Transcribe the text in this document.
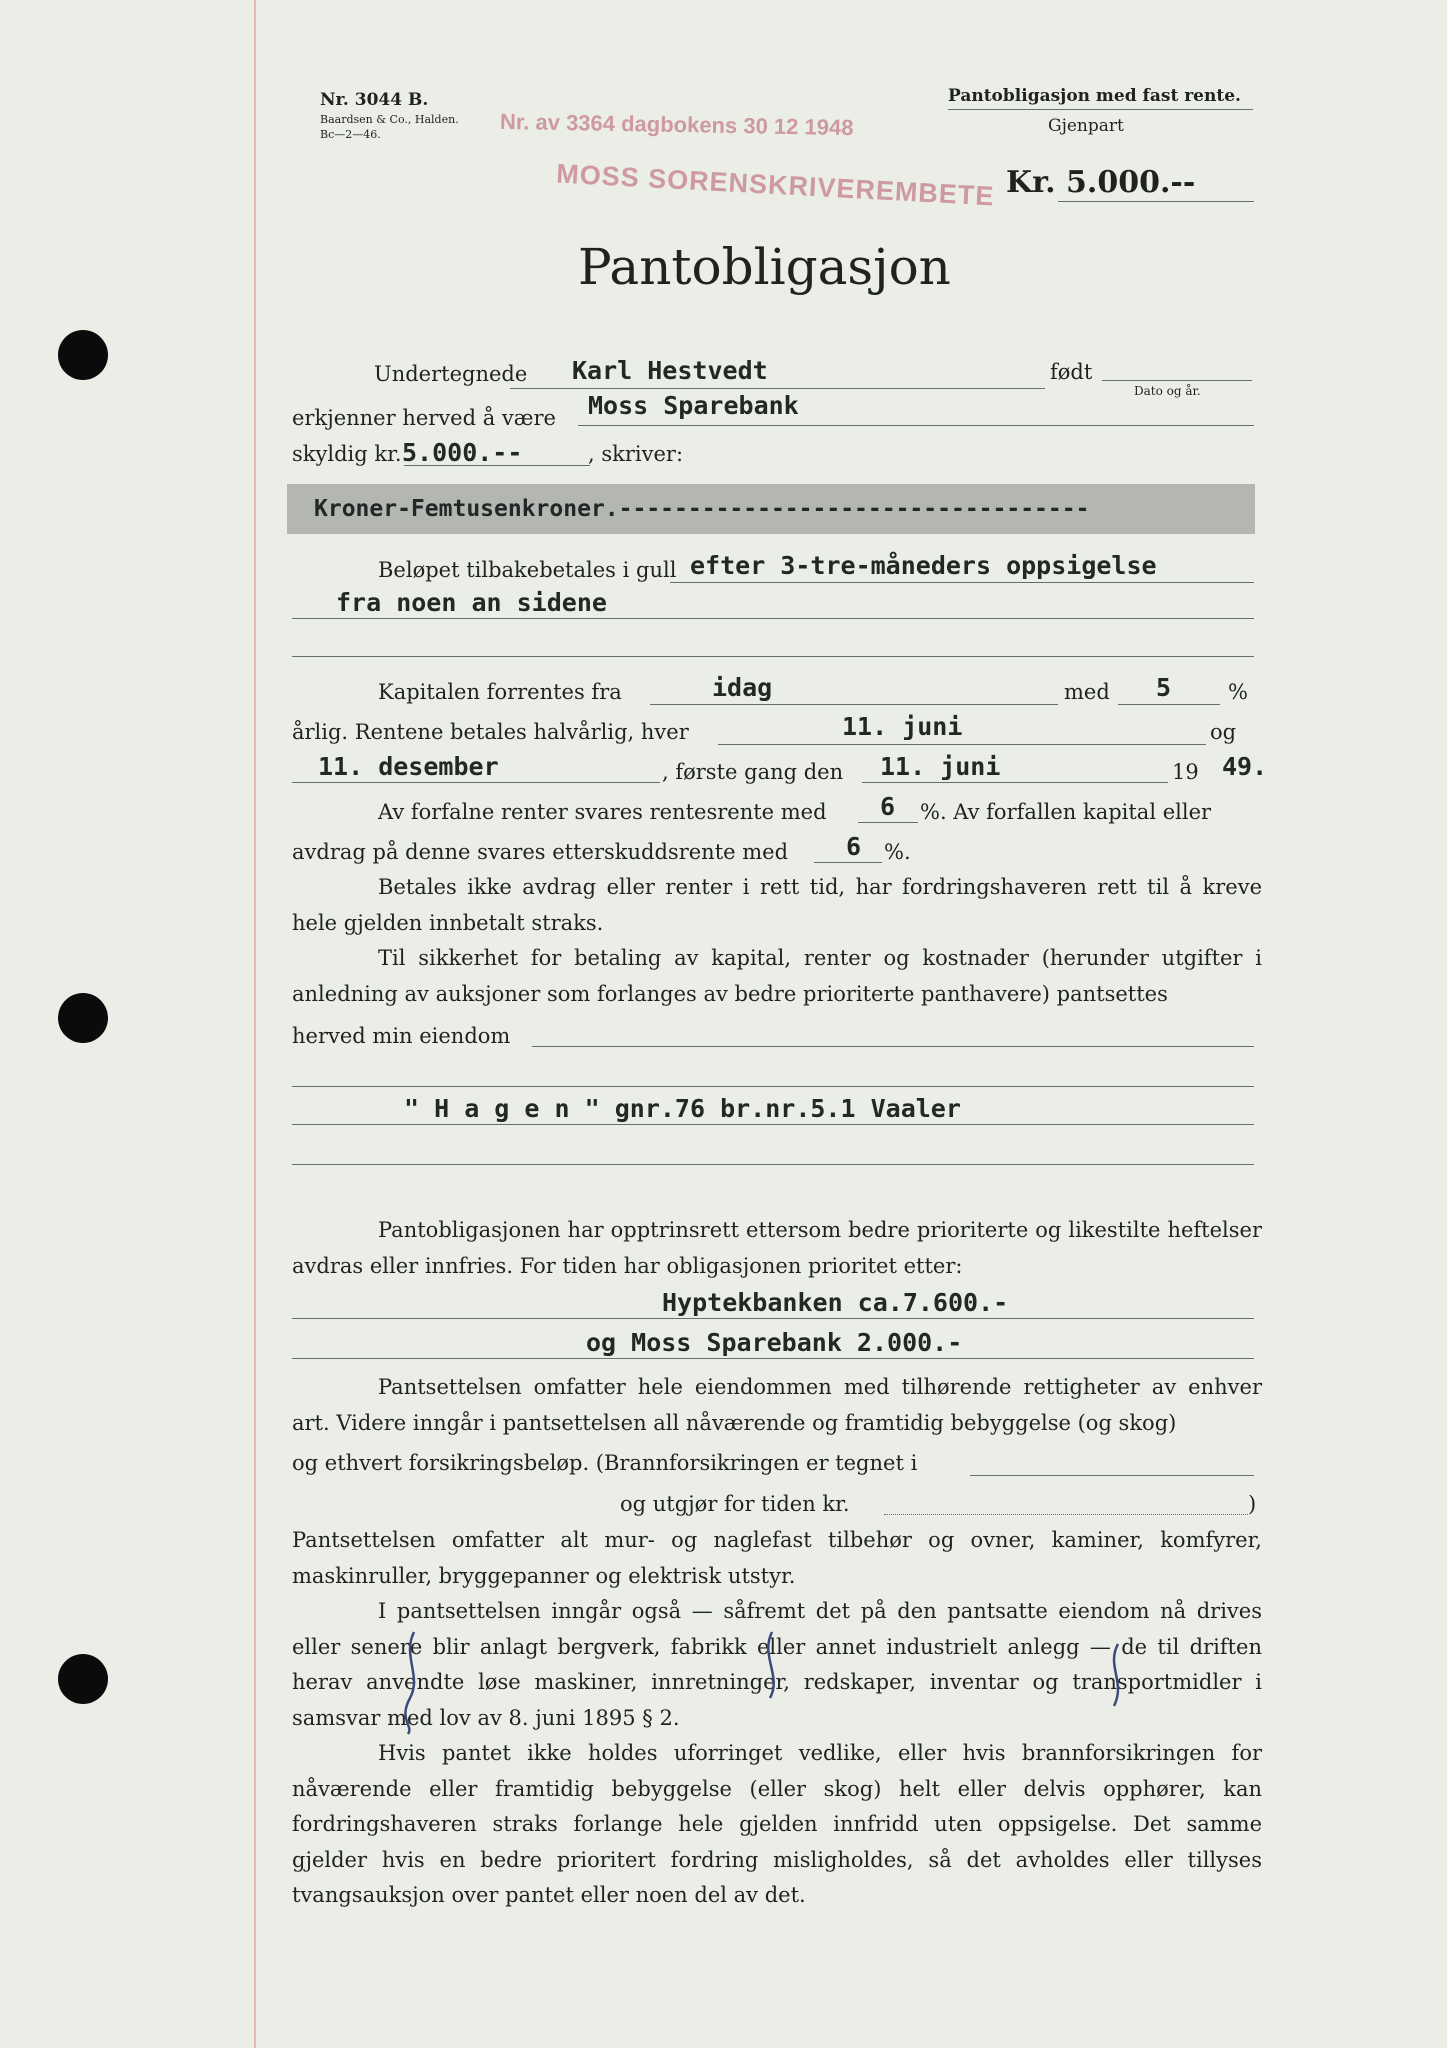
Nr. 3044 B.
Baardsen & Co., Halden.
Bc—2—46.
Pantobligasjon med fast rente.
Gjenpart
Kr. 5.000.--
Nr. av 3364 dagbokens 30 12 1948
MOSS SORENSKRIVEREMBETE
Pantobligasjon
Undertegnede Karl Hestvedt	født
Dato og år.
erkjenner herved å være Moss Sparebank
skyldig kr. 5.000.--	, skriver:
Kroner-Femtusenkroner.----------------------------------
Beløpet tilbakebetales i gull efter 3-tre-måneders oppsigelse
fra noen an sidene
Kapitalen forrentes fra	idag	med 5	%
årlig. Rentene betales halvårlig, hver	11. juni	og
11. desember	, første gang den 11. juni	19 49.
Av forfalne renter svares rentesrente med 6 %. Av forfallen kapital eller
avdrag på denne svares etterskuddsrente med 6 %.
Betales ikke avdrag eller renter i rett tid, har fordringshaveren rett til å kreve hele gjelden innbetalt straks.
Til sikkerhet for betaling av kapital, renter og kostnader (herunder utgifter i anledning av auksjoner som forlanges av bedre prioriterte panthavere) pantsettes
herved min eiendom
" H a g e n " gnr.76 br.nr.5.1 Vaaler
Pantobligasjonen har opptrinsrett ettersom bedre prioriterte og likestilte heftelser avdras eller innfries. For tiden har obligasjonen prioritet etter:
Hyptekbanken ca.7.600.-
og Moss Sparebank 2.000.-
Pantsettelsen omfatter hele eiendommen med tilhørende rettigheter av enhver art. Videre inngår i pantsettelsen all nåværende og framtidig bebyggelse (og skog)
og ethvert forsikringsbeløp. (Brannforsikringen er tegnet i
og utgjør for tiden kr.	)
Pantsettelsen omfatter alt mur- og naglefast tilbehør og ovner, kaminer, komfyrer, maskinruller, bryggepanner og elektrisk utstyr.
I pantsettelsen inngår også — såfremt det på den pantsatte eiendom nå drives eller senere blir anlagt bergverk, fabrikk eller annet industrielt anlegg — de til driften herav anvendte løse maskiner, innretninger, redskaper, inventar og transportmidler i samsvar med lov av 8. juni 1895 § 2.
Hvis pantet ikke holdes uforringet vedlike, eller hvis brannforsikringen for nåværende eller framtidig bebyggelse (eller skog) helt eller delvis opphører, kan fordringshaveren straks forlange hele gjelden innfridd uten oppsigelse. Det samme gjelder hvis en bedre prioritert fordring misligholdes, så det avholdes eller tillyses tvangsauksjon over pantet eller noen del av det.
